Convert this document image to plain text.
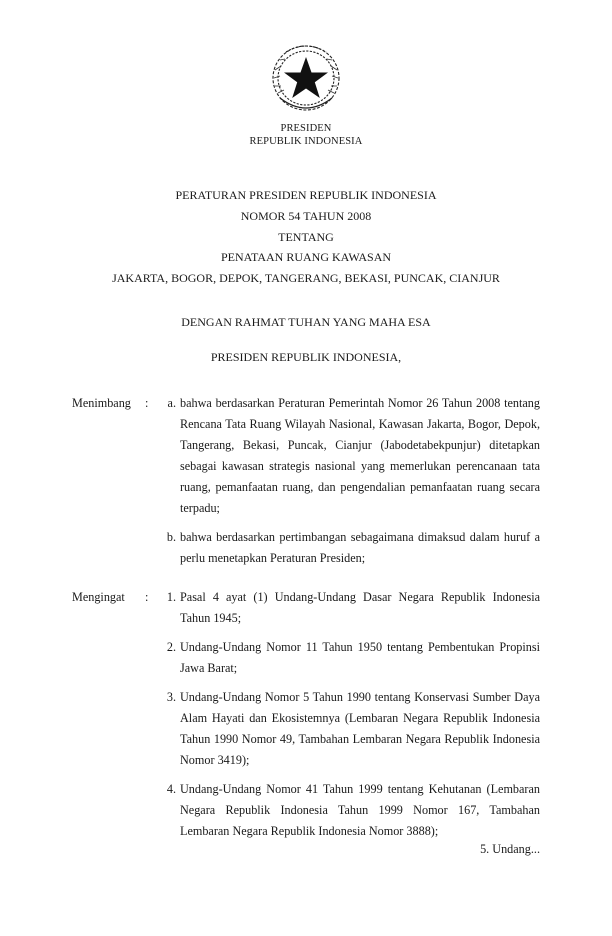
PRESIDEN
REPUBLIK INDONESIA
PERATURAN PRESIDEN REPUBLIK INDONESIA
NOMOR 54 TAHUN 2008
TENTANG
PENATAAN RUANG KAWASAN
JAKARTA, BOGOR, DEPOK, TANGERANG, BEKASI, PUNCAK, CIANJUR
DENGAN RAHMAT TUHAN YANG MAHA ESA
PRESIDEN REPUBLIK INDONESIA,
Menimbang :	a. bahwa berdasarkan Peraturan Pemerintah Nomor 26 Tahun 2008 tentang Rencana Tata Ruang Wilayah Nasional, Kawasan Jakarta, Bogor, Depok, Tangerang, Bekasi, Puncak, Cianjur (Jabodetabekpunjur) ditetapkan sebagai kawasan strategis nasional yang memerlukan perencanaan tata ruang, pemanfaatan ruang, dan pengendalian pemanfaatan ruang secara terpadu;
b. bahwa berdasarkan pertimbangan sebagaimana dimaksud dalam huruf a perlu menetapkan Peraturan Presiden;
Mengingat :	1. Pasal 4 ayat (1) Undang-Undang Dasar Negara Republik Indonesia Tahun 1945;
2. Undang-Undang Nomor 11 Tahun 1950 tentang Pembentukan Propinsi Jawa Barat;
3. Undang-Undang Nomor 5 Tahun 1990 tentang Konservasi Sumber Daya Alam Hayati dan Ekosistemnya (Lembaran Negara Republik Indonesia Tahun 1990 Nomor 49, Tambahan Lembaran Negara Republik Indonesia Nomor 3419);
4. Undang-Undang Nomor 41 Tahun 1999 tentang Kehutanan (Lembaran Negara Republik Indonesia Tahun 1999 Nomor 167, Tambahan Lembaran Negara Republik Indonesia Nomor 3888);
5. Undang...
